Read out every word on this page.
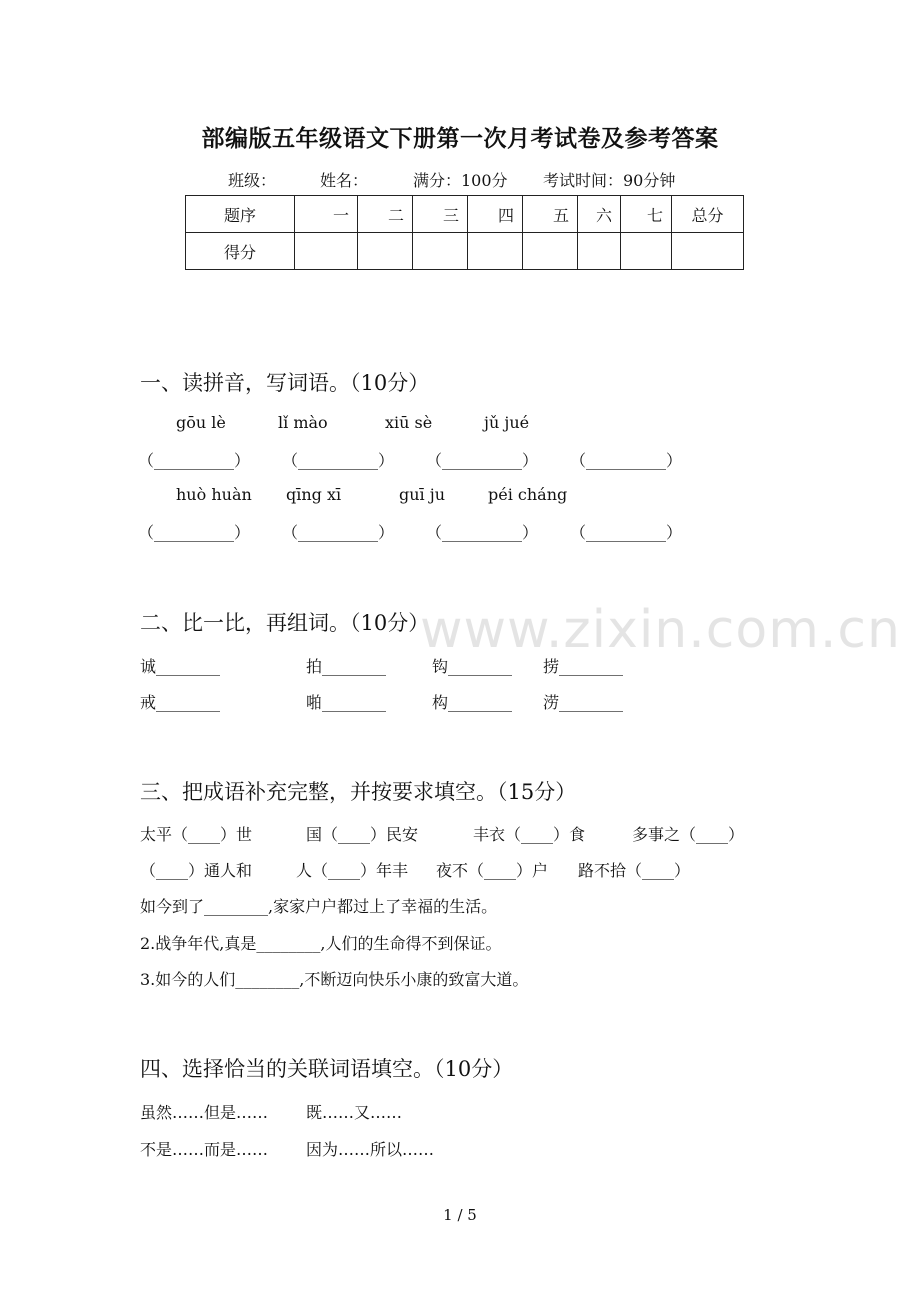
部编版五年级语文下册第一次月考试卷及参考答案
班级：	姓名：	满分：100分 考试时间：90分钟
题序	一	二	三	四	五	六	七	总分
得分								
一、读拼音，写词语。（10分）
gōu lè	lǐ mào	xiū sè	jǔ jué
（__________） （__________） （__________） （__________）
huò huàn qīng xī	guī ju	péi cháng
（__________） （__________） （__________） （__________）
www.zixin.com.cn
二、比一比，再组词。（10分）
诚________	拍________	钩________ 捞________
戒________	啪________	构________ 涝________
三、把成语补充完整，并按要求填空。（15分）
太平（____）世	国（____）民安	丰衣（____）食	多事之（____）
（____）通人和	人（____）年丰 夜不（____）户 路不拾（____）
如今到了________,家家户户都过上了幸福的生活。
2.战争年代,真是________,人们的生命得不到保证。
3.如今的人们________,不断迈向快乐小康的致富大道。
四、选择恰当的关联词语填空。（10分）
虽然……但是…… 既……又……
不是……而是…… 因为……所以……
1 / 5
